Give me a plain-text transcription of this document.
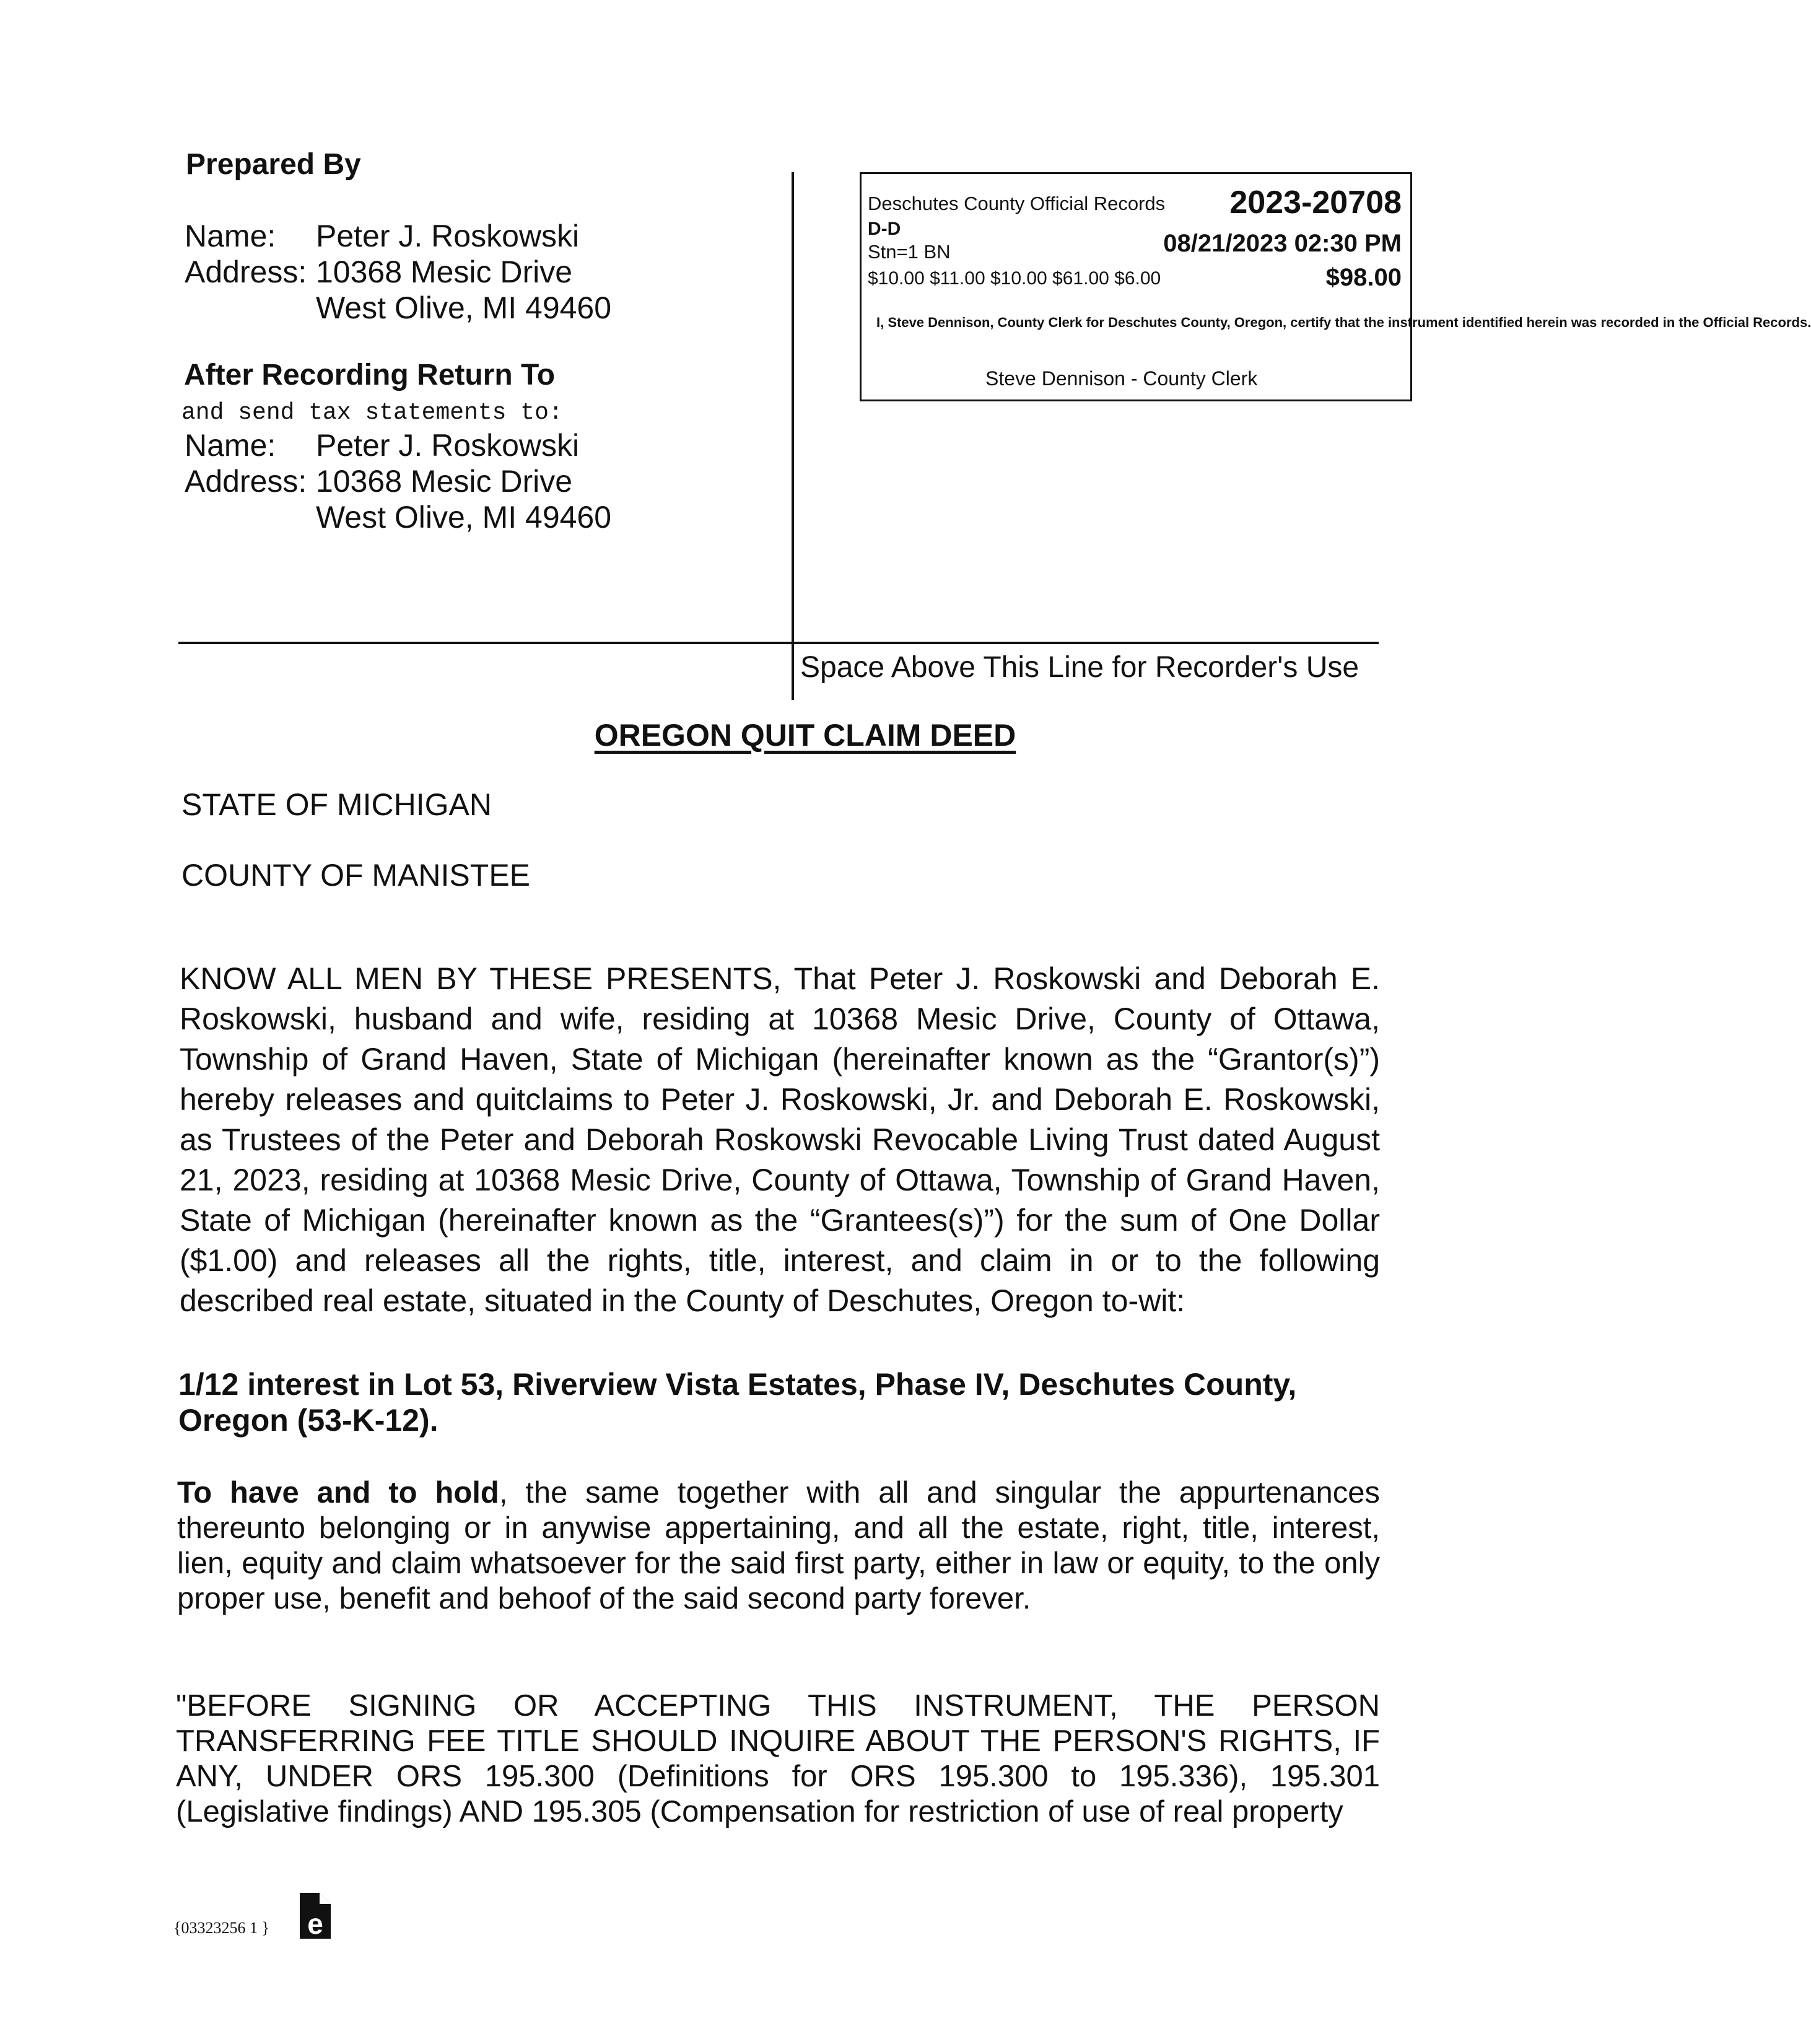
Prepared By
Name: Peter J. Roskowski
Address: 10368 Mesic Drive
West Olive, MI 49460
After Recording Return To
and send tax statements to:
Name: Peter J. Roskowski
Address: 10368 Mesic Drive
West Olive, MI 49460
Space Above This Line for Recorder's Use
Deschutes County Official Records 2023-20708
D-D
Stn=1 BN	08/21/2023 02:30 PM
$10.00 $11.00 $10.00 $61.00 $6.00	$98.00
I, Steve Dennison, County Clerk for Deschutes County, Oregon, certify that the instrument identified herein was recorded in the Official Records.
Steve Dennison - County Clerk
OREGON QUIT CLAIM DEED
STATE OF MICHIGAN
COUNTY OF MANISTEE
KNOW ALL MEN BY THESE PRESENTS, That Peter J. Roskowski and Deborah E. Roskowski, husband and wife, residing at 10368 Mesic Drive, County of Ottawa, Township of Grand Haven, State of Michigan (hereinafter known as the “Grantor(s)”) hereby releases and quitclaims to Peter J. Roskowski, Jr. and Deborah E. Roskowski, as Trustees of the Peter and Deborah Roskowski Revocable Living Trust dated August 21, 2023, residing at 10368 Mesic Drive, County of Ottawa, Township of Grand Haven, State of Michigan (hereinafter known as the “Grantees(s)”) for the sum of One Dollar ($1.00) and releases all the rights, title, interest, and claim in or to the following described real estate, situated in the County of Deschutes, Oregon to-wit:
1/12 interest in Lot 53, Riverview Vista Estates, Phase IV, Deschutes County, Oregon (53-K-12).
To have and to hold, the same together with all and singular the appurtenances thereunto belonging or in anywise appertaining, and all the estate, right, title, interest, lien, equity and claim whatsoever for the said first party, either in law or equity, to the only proper use, benefit and behoof of the said second party forever.
"BEFORE SIGNING OR ACCEPTING THIS INSTRUMENT, THE PERSON TRANSFERRING FEE TITLE SHOULD INQUIRE ABOUT THE PERSON'S RIGHTS, IF ANY, UNDER ORS 195.300 (Definitions for ORS 195.300 to 195.336), 195.301 (Legislative findings) AND 195.305 (Compensation for restriction of use of real property
{03323256 1 } e
